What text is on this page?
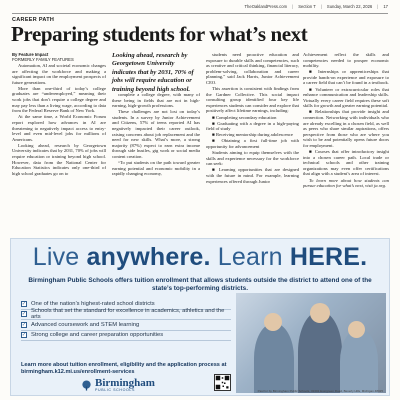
TheOaklandPress.com	| Section T	| Sunday, March 22, 2026	| 17
CAREER PATH
Preparing students for what’s next
By Feature Impact
FORMERLY FAMILY FEATURES

Automation, AI and societal economic changes are affecting the workforce and making a significant impact on the employment prospects of future generations.

More than one-third of today’s college graduates are “underemployed,” meaning their work jobs that don’t require a college degree and may pay less than a living wage, according to data from the Federal Reserve Bank of New York.

At the same time, a World Economic Forum report explored how advances in AI are threatening to negatively impact access to entry-level and even mid-level jobs for millions of Americans.

Looking ahead, research by Georgetown University indicates that by 2031, 70% of jobs will require education or training beyond high school. However, data from the National Center for Education Statistics indicates only one-third of high school graduates go on to

Looking ahead, research by Georgetown University indicates that by 2031, 70% of jobs will require education or training beyond high school.

complete a college degree, with many of these being in fields that are not in high-earning, high-growth professions.

These challenges are not lost on today’s students. In a survey by Junior Achievement and Citizens, 57% of teens reported AI has negatively impacted their career outlook, raising concerns about job replacement and the need for new skills. What’s more, a strong majority (87%) expect to earn extra income through side hustles, gig work or social media content creation.

“To put students on the path toward greater earning potential and economic mobility in a rapidly changing economy,

students need proactive education and exposure to durable skills and competencies, such as creative and critical thinking, financial literacy, problem-solving, collaboration and career planning,” said Jack Harris, Junior Achievement CEO.

This assertion is consistent with findings from the Gardner Collective. This social impact consulting group identified four key life experiences students can consider and explore that positively affect lifetime earnings, including:

■ Completing secondary education

■ Graduating with a degree in a high-paying field of study

■ Receiving mentorship during adolescence

■ Obtaining a first full-time job with opportunity for advancement

Students aiming to equip themselves with the skills and experience necessary for the workforce can seek:

■ Learning opportunities that are designed with the future in mind. For example, learning experiences offered through Junior

Achievement reflect the skills and competencies needed to prosper economic mobility.

■ Internships or apprenticeships that provide hands-on experience and exposure to a career field that can’t be found in a textbook.

■ Volunteer or extracurricular roles that enhance communication and leadership skills. Virtually every career field requires these soft skills for growth and greater earning potential.

■ Relationships that provide insight and connection. Networking with individuals who are already excelling in a chosen field, as well as peers who share similar aspirations, offers perspective from those who are where you wish to be and potentially opens future doors for employment.

■ Courses that offer introductory insight into a chosen career path. Local trade or technical schools and other training organizations may even offer certifications that align with a student’s area of interest.

To learn more about how students can pursue education for what’s next, visit ja.org.

Live anywhere. Learn HERE.
Birmingham Public Schools offers tuition enrollment that allows students outside the district to attend one of the state’s top-performing districts.
✓ One of the nation’s highest-rated school districts
✓ Schools that set the standard for excellence in academics, athletics and the arts
✓ Advanced coursework and STEM learning
✓ Strong college and career preparation opportunities
Learn more about tuition enrollment, eligibility and the application process at birmingham.k12.mi.us/enrollment-services
Birmingham
PUBLIC SCHOOLS	Paid for by Birmingham Public Schools, 31301 Evergreen Road, Beverly Hills, Michigan 48025
